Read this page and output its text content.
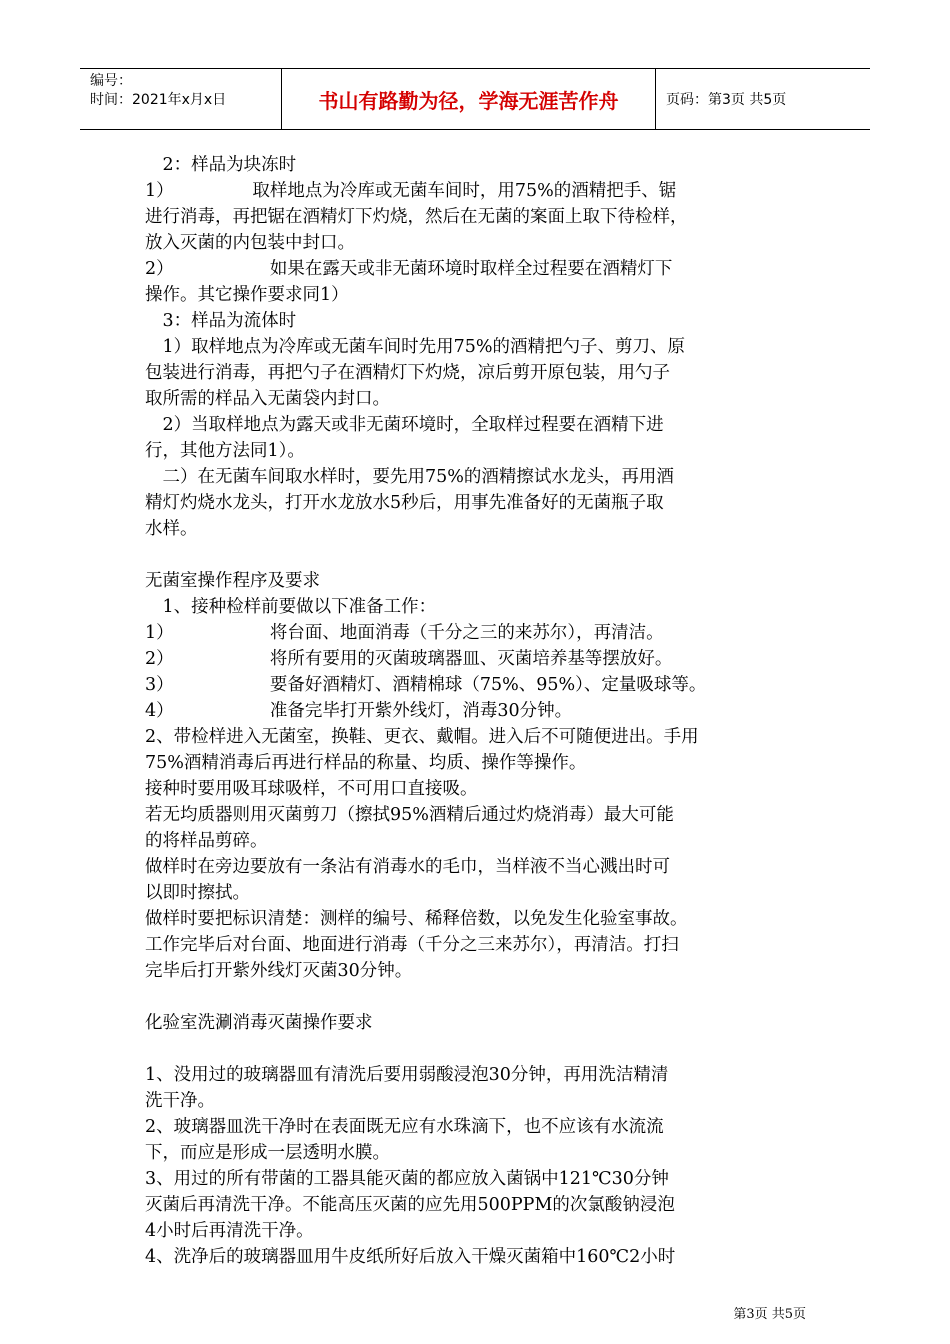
编号：
时间：2021年x月x日	书山有路勤为径，学海无涯苦作舟	页码：第3页 共5页
　2：样品为块冻时
1）　　　　　取样地点为冷库或无菌车间时，用75%的酒精把手、锯
进行消毒，再把锯在酒精灯下灼烧，然后在无菌的案面上取下待检样，
放入灭菌的内包装中封口。
2）　　　　　　如果在露天或非无菌环境时取样全过程要在酒精灯下
操作。其它操作要求同1）
　3：样品为流体时
　1）取样地点为冷库或无菌车间时先用75%的酒精把勺子、剪刀、原
包装进行消毒，再把勺子在酒精灯下灼烧，凉后剪开原包装，用勺子
取所需的样品入无菌袋内封口。
　2）当取样地点为露天或非无菌环境时，全取样过程要在酒精下进
行，其他方法同1）。
　二）在无菌车间取水样时，要先用75%的酒精擦试水龙头，再用酒
精灯灼烧水龙头，打开水龙放水5秒后，用事先准备好的无菌瓶子取
水样。
无菌室操作程序及要求
　1、接种检样前要做以下准备工作：
1）　　　　　　将台面、地面消毒（千分之三的来苏尔），再清洁。
2）　　　　　　将所有要用的灭菌玻璃器皿、灭菌培养基等摆放好。
3）　　　　　　要备好酒精灯、酒精棉球（75%、95%）、定量吸球等。
4）　　　　　　准备完毕打开紫外线灯，消毒30分钟。
2、带检样进入无菌室，换鞋、更衣、戴帽。进入后不可随便进出。手用
75%酒精消毒后再进行样品的称量、均质、操作等操作。
接种时要用吸耳球吸样，不可用口直接吸。
若无均质器则用灭菌剪刀（擦拭95%酒精后通过灼烧消毒）最大可能
的将样品剪碎。
做样时在旁边要放有一条沾有消毒水的毛巾，当样液不当心溅出时可
以即时擦拭。
做样时要把标识清楚：测样的编号、稀释倍数，以免发生化验室事故。
工作完毕后对台面、地面进行消毒（千分之三来苏尔），再清洁。打扫
完毕后打开紫外线灯灭菌30分钟。
化验室洗涮消毒灭菌操作要求
1、没用过的玻璃器皿有清洗后要用弱酸浸泡30分钟，再用洗洁精清
洗干净。
2、玻璃器皿洗干净时在表面既无应有水珠滴下，也不应该有水流流
下，而应是形成一层透明水膜。
3、用过的所有带菌的工器具能灭菌的都应放入菌锅中121℃30分钟
灭菌后再清洗干净。不能高压灭菌的应先用500PPM的次氯酸钠浸泡
4小时后再清洗干净。
4、洗净后的玻璃器皿用牛皮纸所好后放入干燥灭菌箱中160℃2小时
第3页 共5页
